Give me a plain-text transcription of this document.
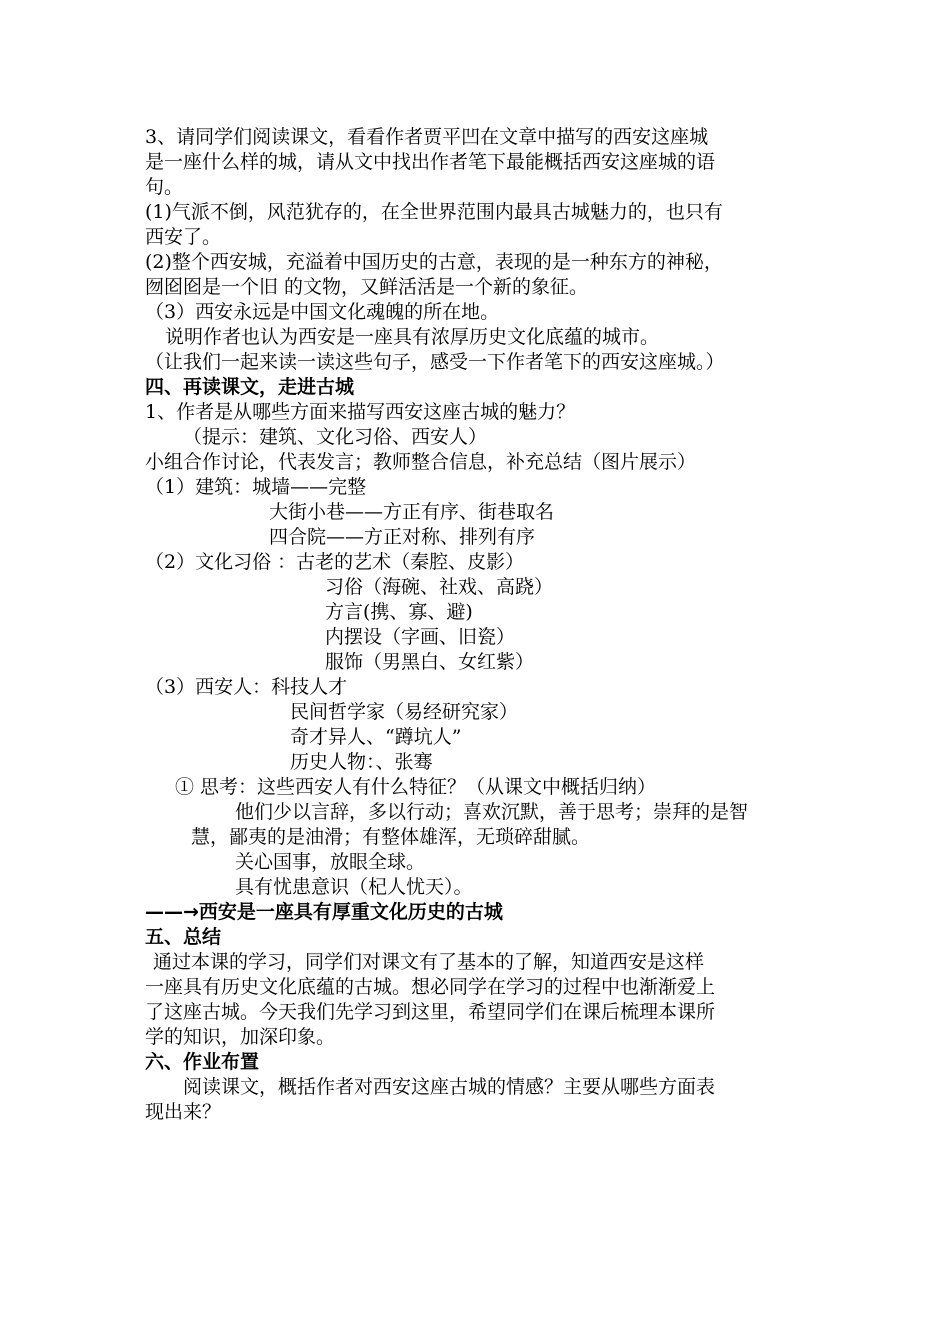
3、请同学们阅读课文，看看作者贾平凹在文章中描写的西安这座城
是一座什么样的城，请从文中找出作者笔下最能概括西安这座城的语
句。
(1)气派不倒，风范犹存的，在全世界范围内最具古城魅力的，也只有
西安了。
(2)整个西安城，充溢着中国历史的古意，表现的是一种东方的神秘，
囫囵囵是一个旧 的文物，又鲜活活是一个新的象征。
（3）西安永远是中国文化魂魄的所在地。
说明作者也认为西安是一座具有浓厚历史文化底蕴的城市。
（让我们一起来读一读这些句子，感受一下作者笔下的西安这座城。）
四、再读课文，走进古城
1、作者是从哪些方面来描写西安这座古城的魅力？
（提示：建筑、文化习俗、西安人）
小组合作讨论，代表发言；教师整合信息，补充总结（图片展示）
（1）建筑：城墙——完整
大街小巷——方正有序、街巷取名
四合院——方正对称、排列有序
（2）文化习俗 ：古老的艺术（秦腔、皮影）
习俗（海碗、社戏、高跷）
方言(携、寡、避)
内摆设（字画、旧瓷）
服饰（男黑白、女红紫）
（3）西安人：科技人才
民间哲学家（易经研究家）
奇才异人、“蹲坑人”
历史人物：、张骞
① 思考：这些西安人有什么特征？（从课文中概括归纳）
他们少以言辞，多以行动；喜欢沉默，善于思考；崇拜的是智
慧，鄙夷的是油滑；有整体雄浑，无琐碎甜腻。
关心国事，放眼全球。
具有忧患意识（杞人忧天）。
——→西安是一座具有厚重文化历史的古城
五、总结
通过本课的学习，同学们对课文有了基本的了解，知道西安是这样
一座具有历史文化底蕴的古城。想必同学在学习的过程中也渐渐爱上
了这座古城。今天我们先学习到这里，希望同学们在课后梳理本课所
学的知识，加深印象。
六、作业布置
阅读课文，概括作者对西安这座古城的情感？主要从哪些方面表
现出来？
